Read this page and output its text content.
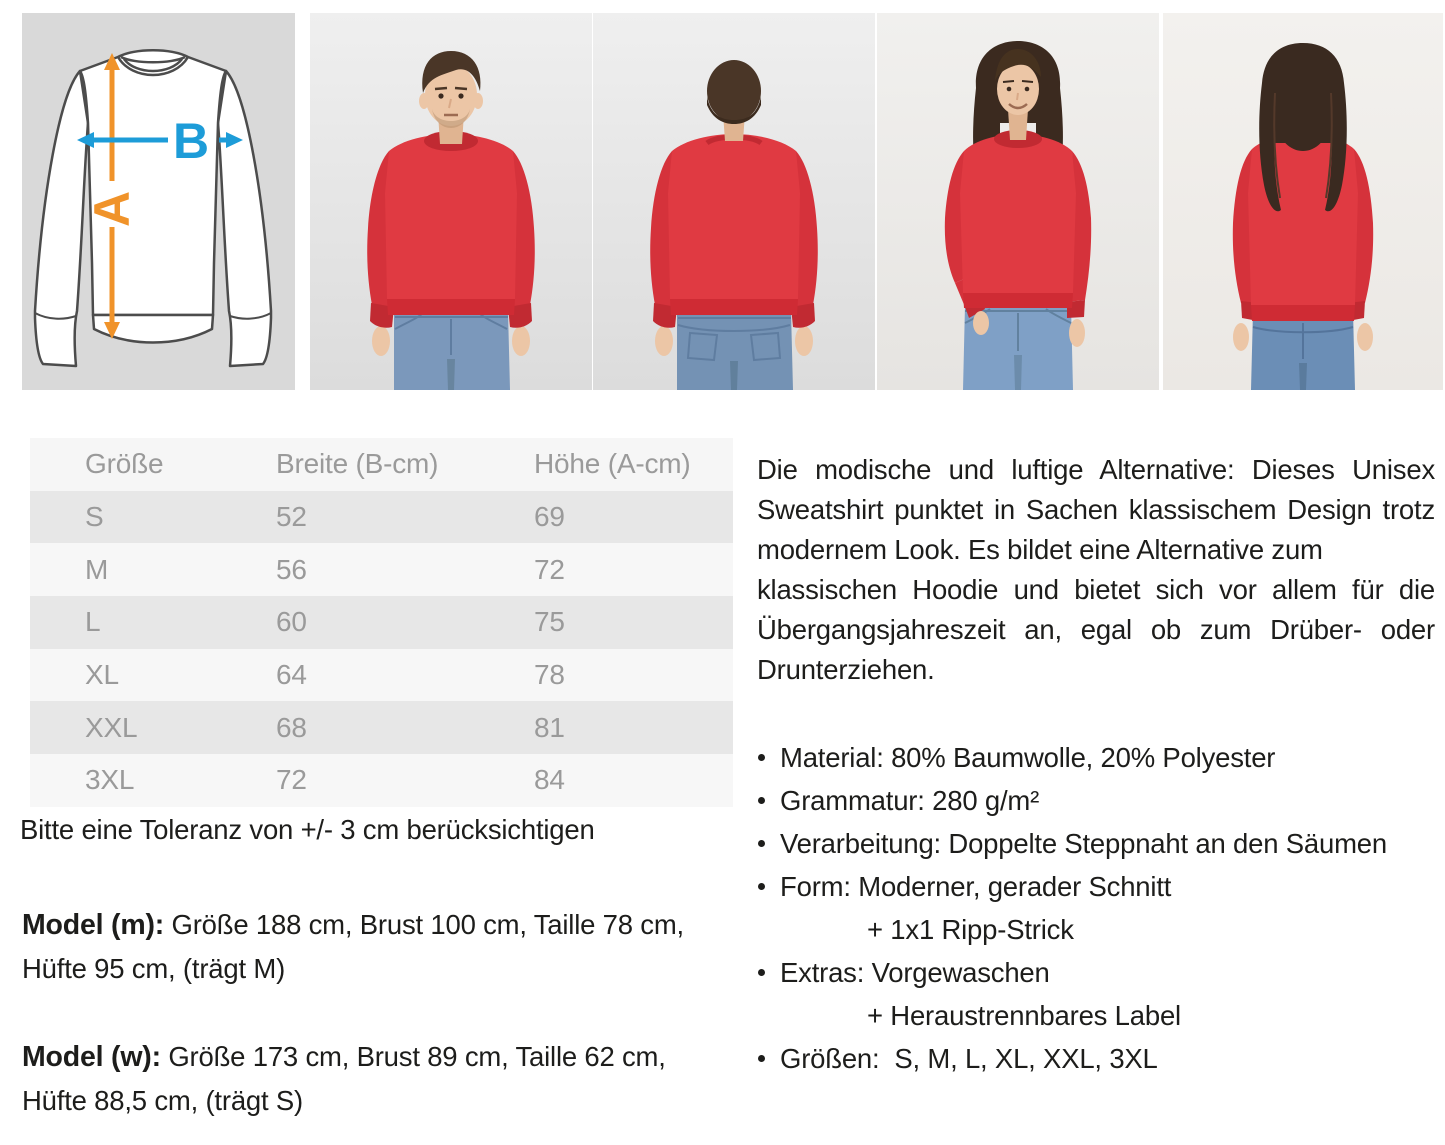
A
B
Größe	Breite (B-cm)	Höhe (A-cm)
S	52	69
M	56	72
L	60	75
XL	64	78
XXL	68	81
3XL	72	84
Bitte eine Toleranz von +/- 3 cm berücksichtigen
Model (m): Größe 188 cm, Brust 100 cm, Taille 78 cm,
Hüfte 95 cm, (trägt M)
Model (w): Größe 173 cm, Brust 89 cm, Taille 62 cm,
Hüfte 88,5 cm, (trägt S)
Die modische und luftige Alternative: Dieses Unisex Sweatshirt punktet in Sachen klassischem Design trotz modernem Look. Es bildet eine Alternative zum
klassischen Hoodie und bietet sich vor allem für die Übergangsjahreszeit an, egal ob zum Drüber- oder Drunterziehen.
Material: 80% Baumwolle, 20% Polyester
Grammatur: 280 g/m²
Verarbeitung: Doppelte Steppnaht an den Säumen
Form: Moderner, gerader Schnitt
+ 1x1 Ripp-Strick
Extras: Vorgewaschen
+ Heraustrennbares Label
Größen:  S, M, L, XL, XXL, 3XL
